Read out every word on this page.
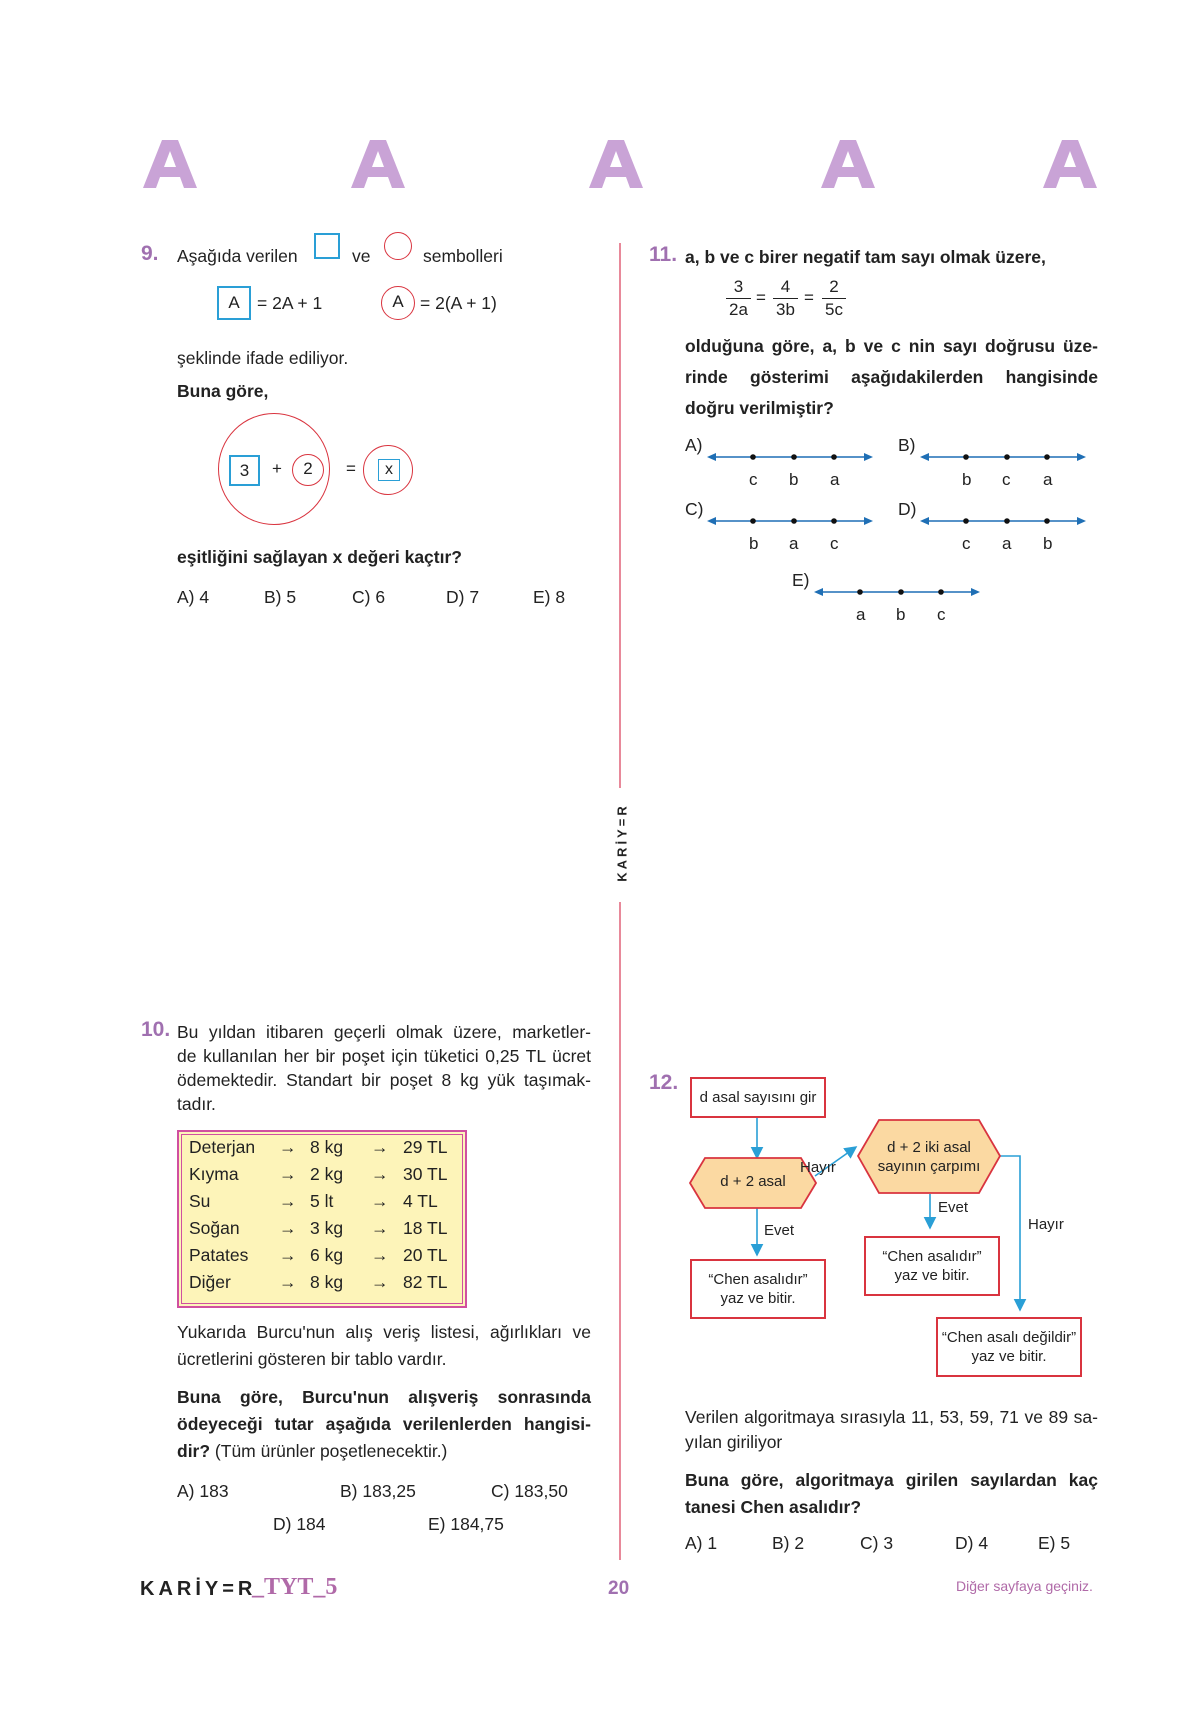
KARİY=R
9. Aşağıda verilen	ve	sembolleri
A = 2A + 1	A = 2(A + 1)
şeklinde ifade ediliyor.
Buna göre,
3	+	2	=	x
eşitliğini sağlayan x değeri kaçtır?
A) 4	B) 5	C) 6	D) 7	E) 8
10. Bu yıldan itibaren geçerli olmak üzere, marketler-
de kullanılan her bir poşet için tüketici 0,25 TL ücret
ödemektedir. Standart bir poşet 8 kg yük taşımak-
tadır.
Deterjan → 8 kg → 29 TL
Kıyma → 2 kg → 30 TL
Su	→ 5 lt → 4 TL
Soğan → 3 kg → 18 TL
Patates → 6 kg → 20 TL
Diğer	→ 8 kg → 82 TL
Yukarıda Burcu'nun alış veriş listesi, ağırlıkları ve
ücretlerini gösteren bir tablo vardır.
Buna göre, Burcu'nun alışveriş sonrasında
ödeyeceği tutar aşağıda verilenlerden hangisi-
dir? (Tüm ürünler poşetlenecektir.)
A) 183	B) 183,25	C) 183,50
D) 184	E) 184,75
11. a, b ve c birer negatif tam sayı olmak üzere,
$\frac{3}{2a} = \frac{4}{3b} = \frac{2}{5c}$
olduğuna göre, a, b ve c nin sayı doğrusu üze-
rinde gösterimi aşağıdakilerden hangisinde
doğru verilmiştir?
A)
c b a
B)
b c a
C)
b a c
D)
c a b
E)
a b c
12.
d asal sayısını gir
d + 2 asal
d + 2 iki asal
sayının çarpımı
Hayır
Evet
Evet
Hayır
“Chen asalıdır”
yaz ve bitir.
“Chen asalıdır”
yaz ve bitir.
“Chen asalı değildir”
yaz ve bitir.
Verilen algoritmaya sırasıyla 11, 53, 59, 71 ve 89 sa-
yılan giriliyor
Buna göre, algoritmaya girilen sayılardan kaç
tanesi Chen asalıdır?
A) 1	B) 2	C) 3	D) 4	E) 5
KARİY=R
_TYT_5	20	Diğer sayfaya geçiniz.
